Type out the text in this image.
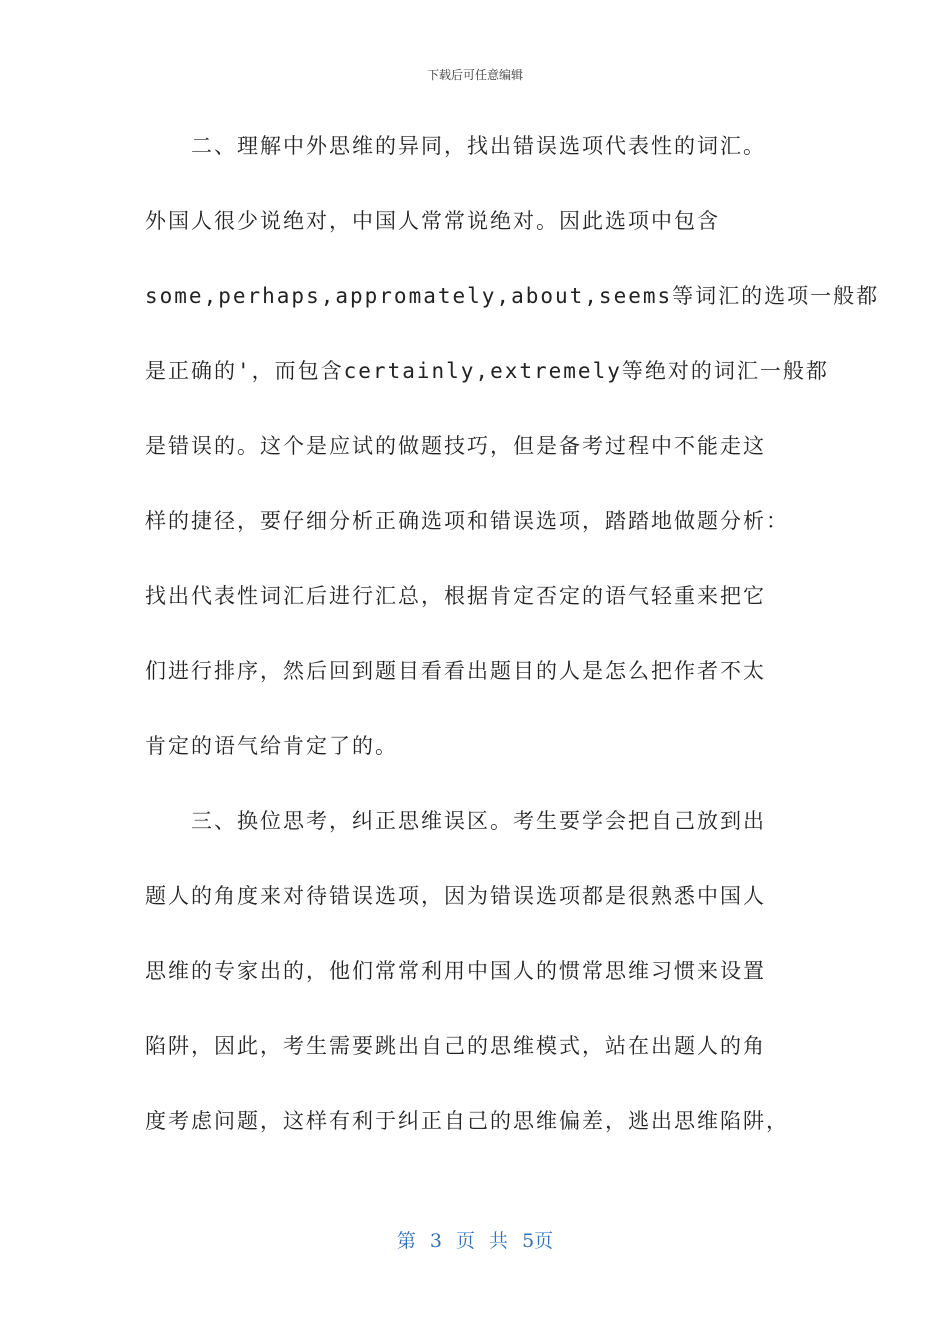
下载后可任意编辑
　　二、理解中外思维的异同，找出错误选项代表性的词汇。
外国人很少说绝对，中国人常常说绝对。因此选项中包含
some,perhaps,appromately,about,seems等词汇的选项一般都
是正确的'，而包含certainly,extremely等绝对的词汇一般都
是错误的。这个是应试的做题技巧，但是备考过程中不能走这
样的捷径，要仔细分析正确选项和错误选项，踏踏地做题分析：
找出代表性词汇后进行汇总，根据肯定否定的语气轻重来把它
们进行排序，然后回到题目看看出题目的人是怎么把作者不太
肯定的语气给肯定了的。
　　三、换位思考，纠正思维误区。考生要学会把自己放到出
题人的角度来对待错误选项，因为错误选项都是很熟悉中国人
思维的专家出的，他们常常利用中国人的惯常思维习惯来设置
陷阱，因此，考生需要跳出自己的思维模式，站在出题人的角
度考虑问题，这样有利于纠正自己的思维偏差，逃出思维陷阱，
第 3 页 共 5页
